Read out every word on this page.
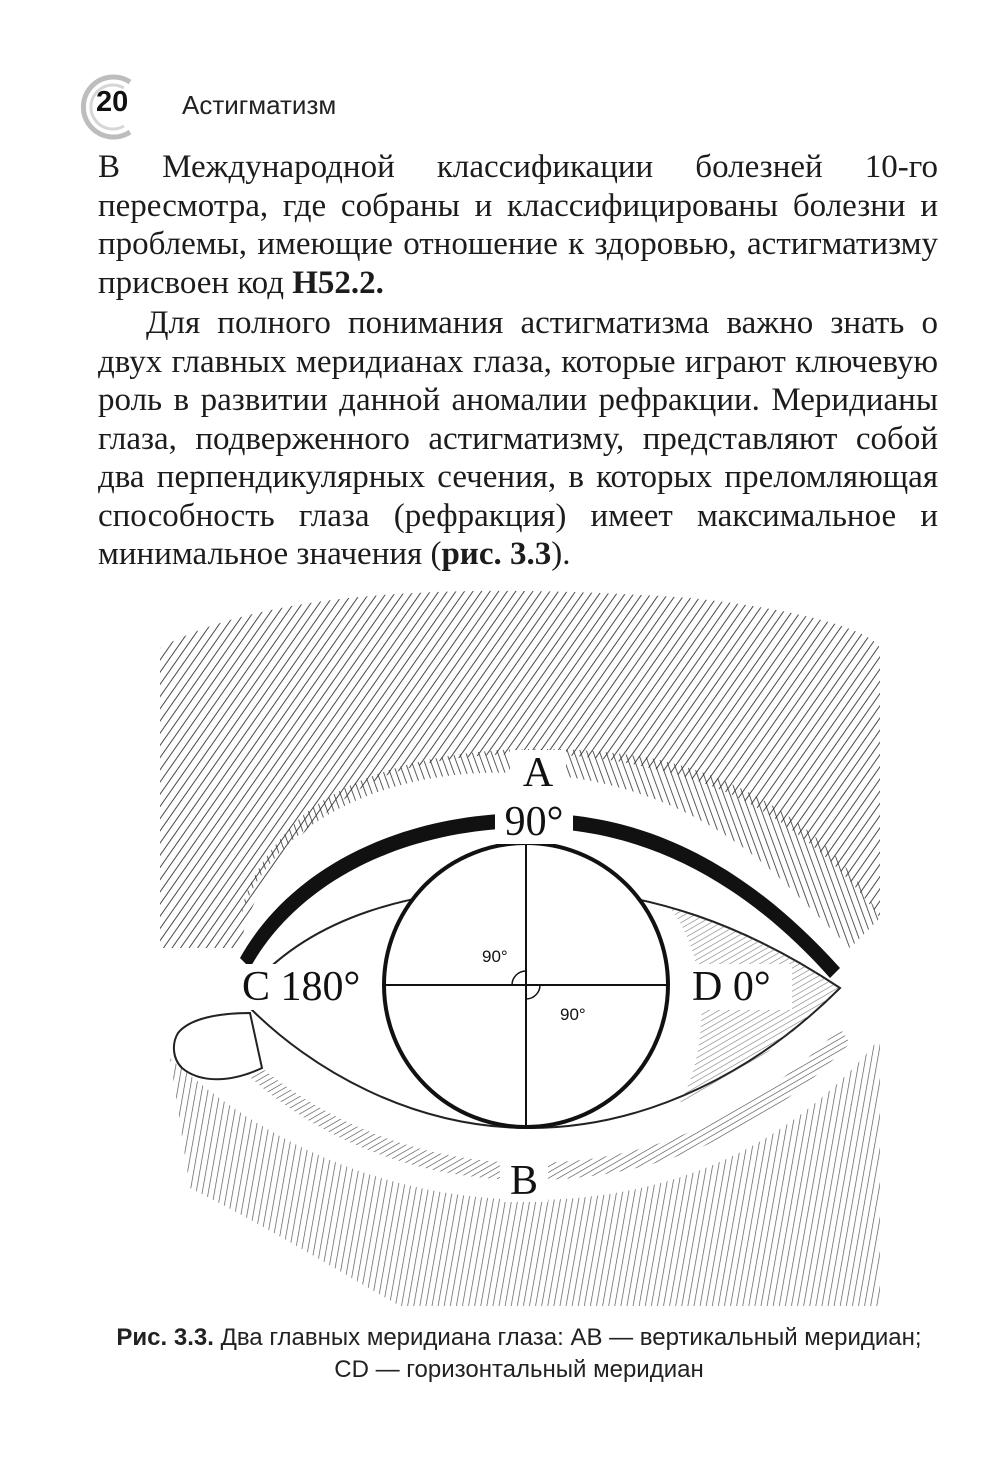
20 Астигматизм

В Международной классификации болезней 10-го пересмотра, где собраны и классифицированы болезни и проблемы, имеющие отношение к здоровью, астигматизму присвоен код H52.2.

Для полного понимания астигматизма важно знать о двух главных меридианах глаза, которые играют ключевую роль в развитии данной аномалии рефракции. Меридианы глаза, подверженного астигматизму, представляют собой два перпендикулярных сечения, в которых преломляющая способность глаза (рефракция) имеет максимальное и минимальное значения (рис. 3.3).

A
90°
C 180°	D 0°
B
90°
90°
Рис. 3.3. Два главных меридиана глаза: AB — вертикальный меридиан; CD — горизонтальный меридиан
